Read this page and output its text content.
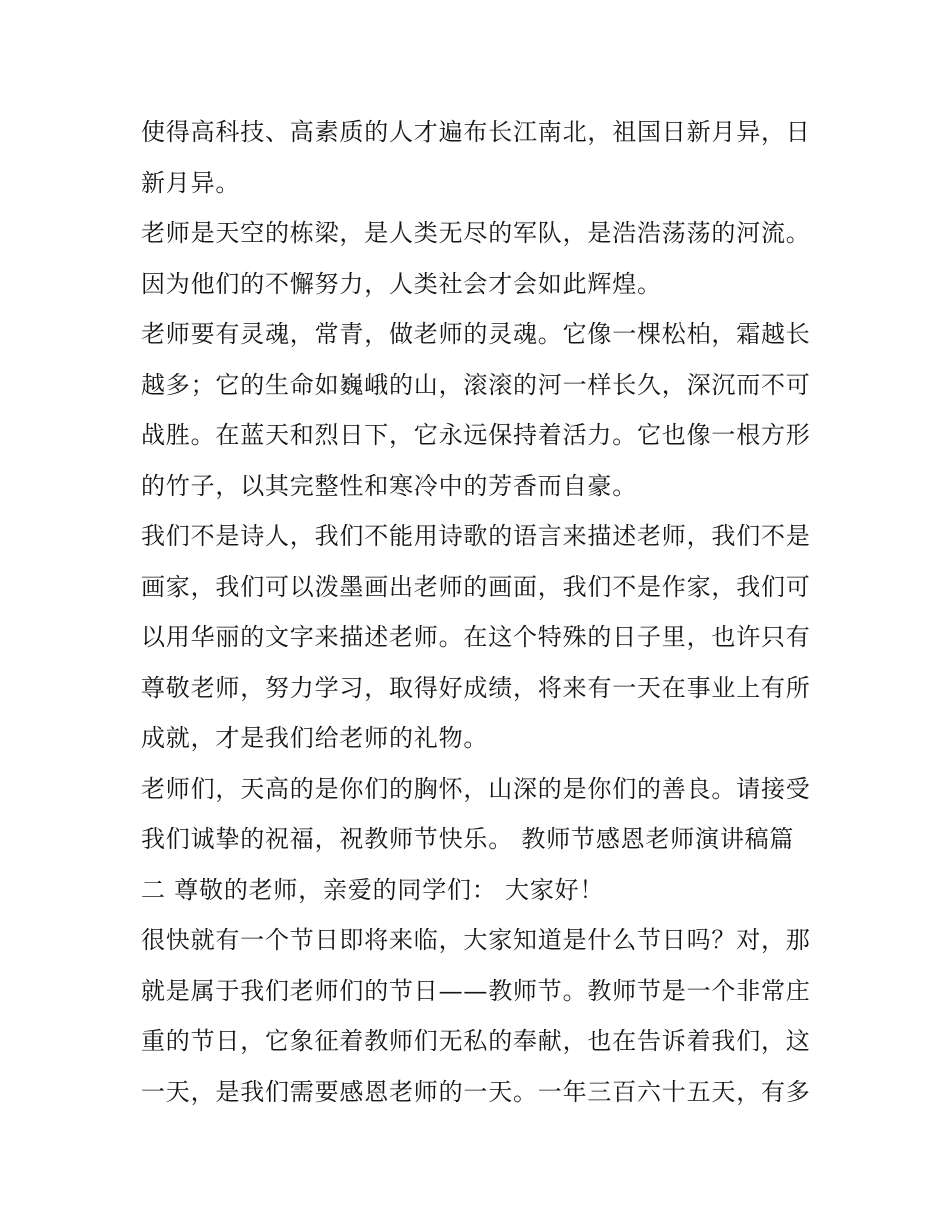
使得高科技、高素质的人才遍布长江南北，祖国日新月异，日
新月异。
老师是天空的栋梁，是人类无尽的军队，是浩浩荡荡的河流。
因为他们的不懈努力，人类社会才会如此辉煌。
老师要有灵魂，常青，做老师的灵魂。它像一棵松柏，霜越长
越多；它的生命如巍峨的山，滚滚的河一样长久，深沉而不可
战胜。在蓝天和烈日下，它永远保持着活力。它也像一根方形
的竹子，以其完整性和寒冷中的芳香而自豪。
我们不是诗人，我们不能用诗歌的语言来描述老师，我们不是
画家，我们可以泼墨画出老师的画面，我们不是作家，我们可
以用华丽的文字来描述老师。在这个特殊的日子里，也许只有
尊敬老师，努力学习，取得好成绩，将来有一天在事业上有所
成就，才是我们给老师的礼物。
老师们，天高的是你们的胸怀，山深的是你们的善良。请接受
我们诚挚的祝福，祝教师节快乐。 教师节感恩老师演讲稿篇
二 尊敬的老师，亲爱的同学们： 大家好！
很快就有一个节日即将来临，大家知道是什么节日吗？对，那
就是属于我们老师们的节日——教师节。教师节是一个非常庄
重的节日，它象征着教师们无私的奉献，也在告诉着我们，这
一天，是我们需要感恩老师的一天。一年三百六十五天，有多
